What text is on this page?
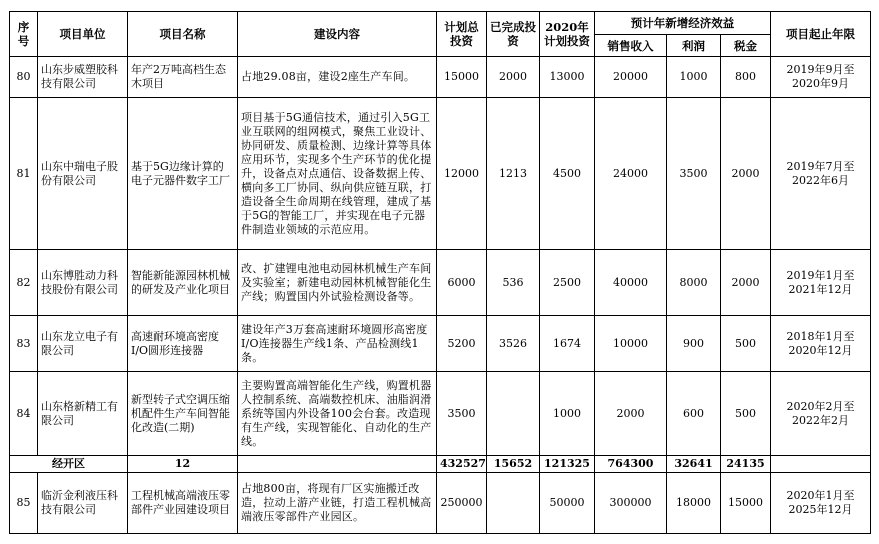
序号	项目单位	项目名称	建设内容	计划总投资	已完成投资	2020年计划投资	预计年新增经济效益			项目起止年限
							销售收入	利润	税金	
80	山东步威塑胶科技有限公司	年产2万吨高档生态木项目	占地29.08亩，建设2座生产车间。	15000	2000	13000	20000	1000	800	2019年9月至2020年9月
81	山东中瑞电子股份有限公司	基于5G边缘计算的电子元器件数字工厂	项目基于5G通信技术，通过引入5G工业互联网的组网模式，聚焦工业设计、协同研发、质量检测、边缘计算等具体应用环节，实现多个生产环节的优化提升，设备点对点通信、设备数据上传、横向多工厂协同、纵向供应链互联，打造设备全生命周期在线管理，建成了基于5G的智能工厂，并实现在电子元器件制造业领域的示范应用。	12000	1213	4500	24000	3500	2000	2019年7月至2022年6月
82	山东博胜动力科技股份有限公司	智能新能源园林机械的研发及产业化项目	改、扩建锂电池电动园林机械生产车间及实验室；新建电动园林机械智能化生产线；购置国内外试验检测设备等。	6000	536	2500	40000	8000	2000	2019年1月至2021年12月
83	山东龙立电子有限公司	高速耐环境高密度I/O圆形连接器	建设年产3万套高速耐环境圆形高密度I/O连接器生产线1条、产品检测线1条。	5200	3526	1674	10000	900	500	2018年1月至2020年12月
84	山东格新精工有限公司	新型转子式空调压缩机配件生产车间智能化改造(二期)	主要购置高端智能化生产线，购置机器人控制系统、高端数控机床、油脂润滑系统等国内外设备100会台套。改造现有生产线，实现智能化、自动化的生产线。	3500		1000	2000	600	500	2020年2月至2022年2月
经开区		12		432527	15652	121325	764300	32641	24135	
85	临沂金利液压科技有限公司	工程机械高端液压零部件产业园建设项目	占地800亩，将现有厂区实施搬迁改造，拉动上游产业链，打造工程机械高端液压零部件产业园区。	250000		50000	300000	18000	15000	2020年1月至2025年12月
